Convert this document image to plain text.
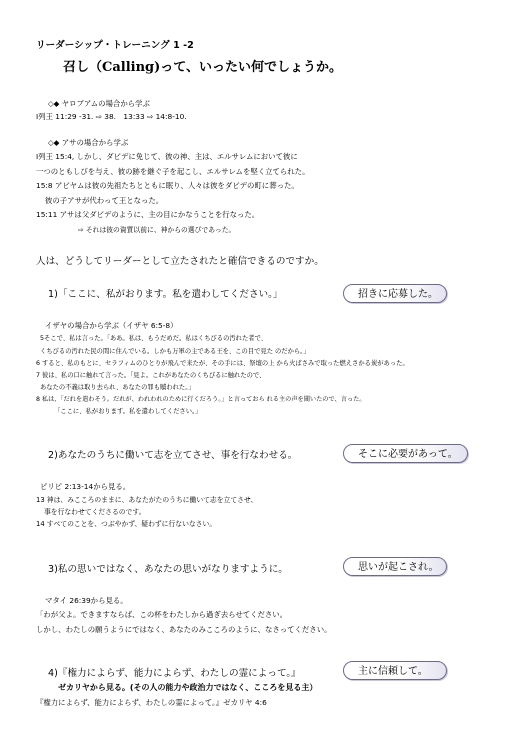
リーダーシップ・トレーニング 1 -2
召し（Calling)って、いったい何でしょうか。
◇◆ ヤロブアムの場合から学ぶ
I列王 11:29 -31. ⇨ 38.　13:33 ⇨ 14:8-10.
◇◆ アサの場合から学ぶ
I列王 15:4, しかし、ダビデに免じて、彼の神、主は、エルサレムにおいて彼に
一つのともしびを与え、彼の跡を継ぐ子を起こし、エルサレムを堅く立てられた。
15:8 アビヤムは彼の先祖たちとともに眠り、人々は彼をダビデの町に葬った。
彼の子アサが代わって王となった。
15:11 アサは父ダビデのように、主の目にかなうことを行なった。
⇨ それは彼の資質以前に、神からの選びであった。
人は、どうしてリーダーとして立たされたと確信できるのですか。
1)「ここに、私がおります。私を遣わしてください。」	招きに応募した。
イザヤの場合から学ぶ（イザヤ 6:5-8）
5そこで、私は言った。「ああ。私は、もうだめだ。私はくちびるの汚れた者で、
くちびるの汚れた民の間に住んでいる。しかも万軍の主である王を、この目で見た のだから。」
6 すると、私のもとに、セラフィムのひとりが飛んで来たが、その手には、祭壇の上 から火ばさみで取った燃えさかる炭があった。
7 彼は、私の口に触れて言った。「見よ。これがあなたのくちびるに触れたので、
あなたの不義は取り去られ、あなたの罪も贖われた。」
8 私は、「だれを遣わそう。だれが、われわれのために行くだろう。」と言っておら れる主の声を聞いたので、言った。
「ここに、私がおります。私を遣わしてください。」
2)あなたのうちに働いて志を立てさせ、事を行なわせる。	そこに必要があって。
ピリピ 2:13-14から見る。
13 神は、みこころのままに、あなたがたのうちに働いて志を立てさせ、
事を行なわせてくださるのです。
14 すべてのことを、つぶやかず、疑わずに行ないなさい。
3)私の思いではなく、あなたの思いがなりますように。	思いが起こされ。
マタイ 26:39から見る。
「わが父よ。できますならば、この杯をわたしから過ぎ去らせてください。
しかし、わたしの願うようにではなく、あなたのみこころのように、なさってください。
4)『権力によらず、能力によらず、わたしの霊によって。』	主に信頼して。
ゼカリヤから見る。(その人の能力や政治力ではなく、こころを見る主）
『権力によらず、能力によらず、わたしの霊によって。』ゼカリヤ 4:6
